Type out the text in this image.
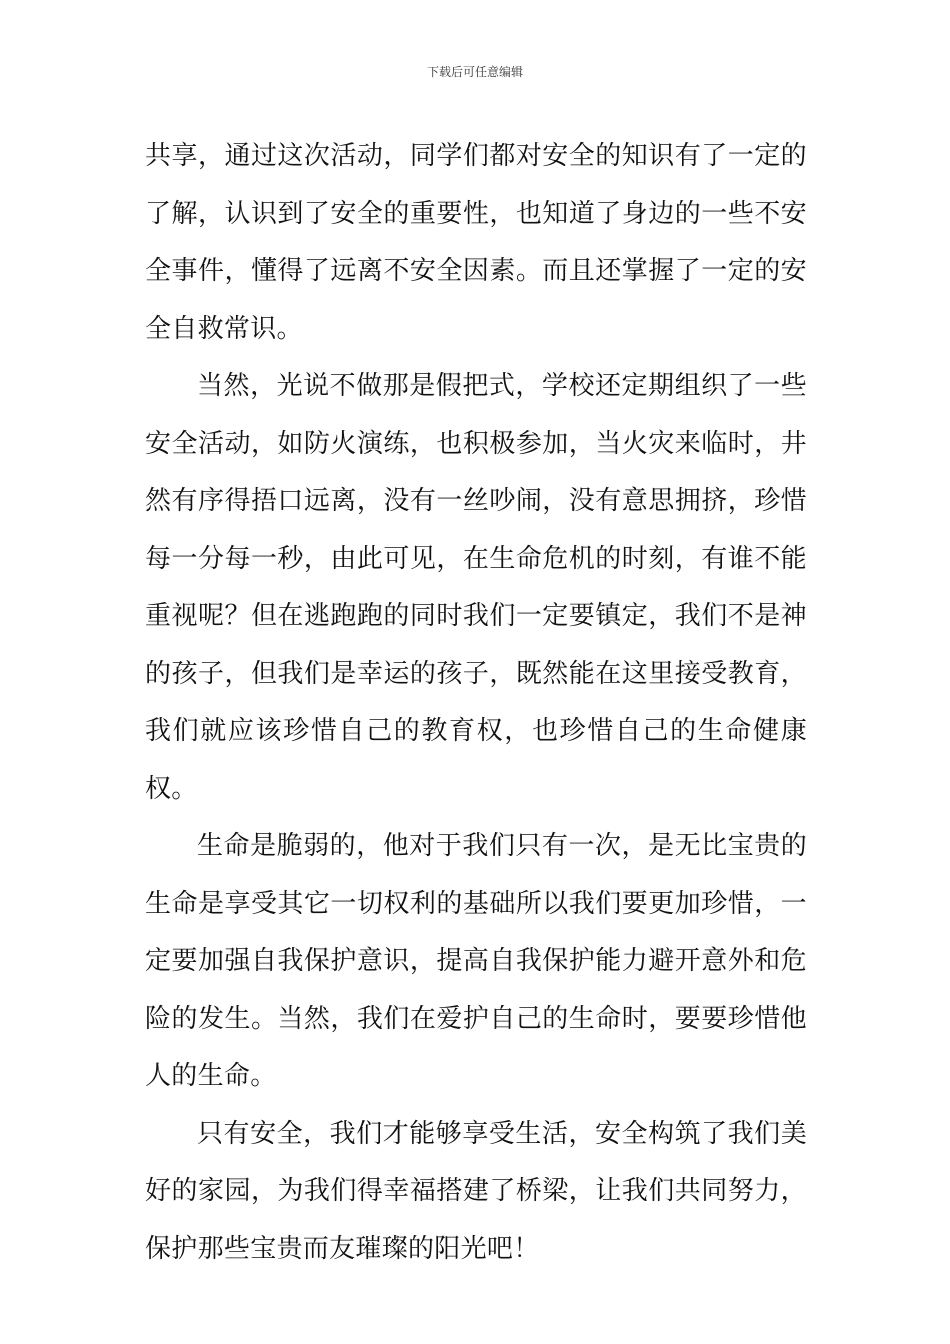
下载后可任意编辑

共享，通过这次活动，同学们都对安全的知识有了一定的了解，认识到了安全的重要性，也知道了身边的一些不安全事件，懂得了远离不安全因素。而且还掌握了一定的安全自救常识。

当然，光说不做那是假把式，学校还定期组织了一些安全活动，如防火演练，也积极参加，当火灾来临时，井然有序得捂口远离，没有一丝吵闹，没有意思拥挤，珍惜每一分每一秒，由此可见，在生命危机的时刻，有谁不能重视呢？但在逃跑跑的同时我们一定要镇定，我们不是神的孩子，但我们是幸运的孩子，既然能在这里接受教育，我们就应该珍惜自己的教育权，也珍惜自己的生命健康权。

生命是脆弱的，他对于我们只有一次，是无比宝贵的生命是享受其它一切权利的基础所以我们要更加珍惜，一定要加强自我保护意识，提高自我保护能力避开意外和危险的发生。当然，我们在爱护自己的生命时，要要珍惜他人的生命。

只有安全，我们才能够享受生活，安全构筑了我们美好的家园，为我们得幸福搭建了桥梁，让我们共同努力，保护那些宝贵而友璀璨的阳光吧！
